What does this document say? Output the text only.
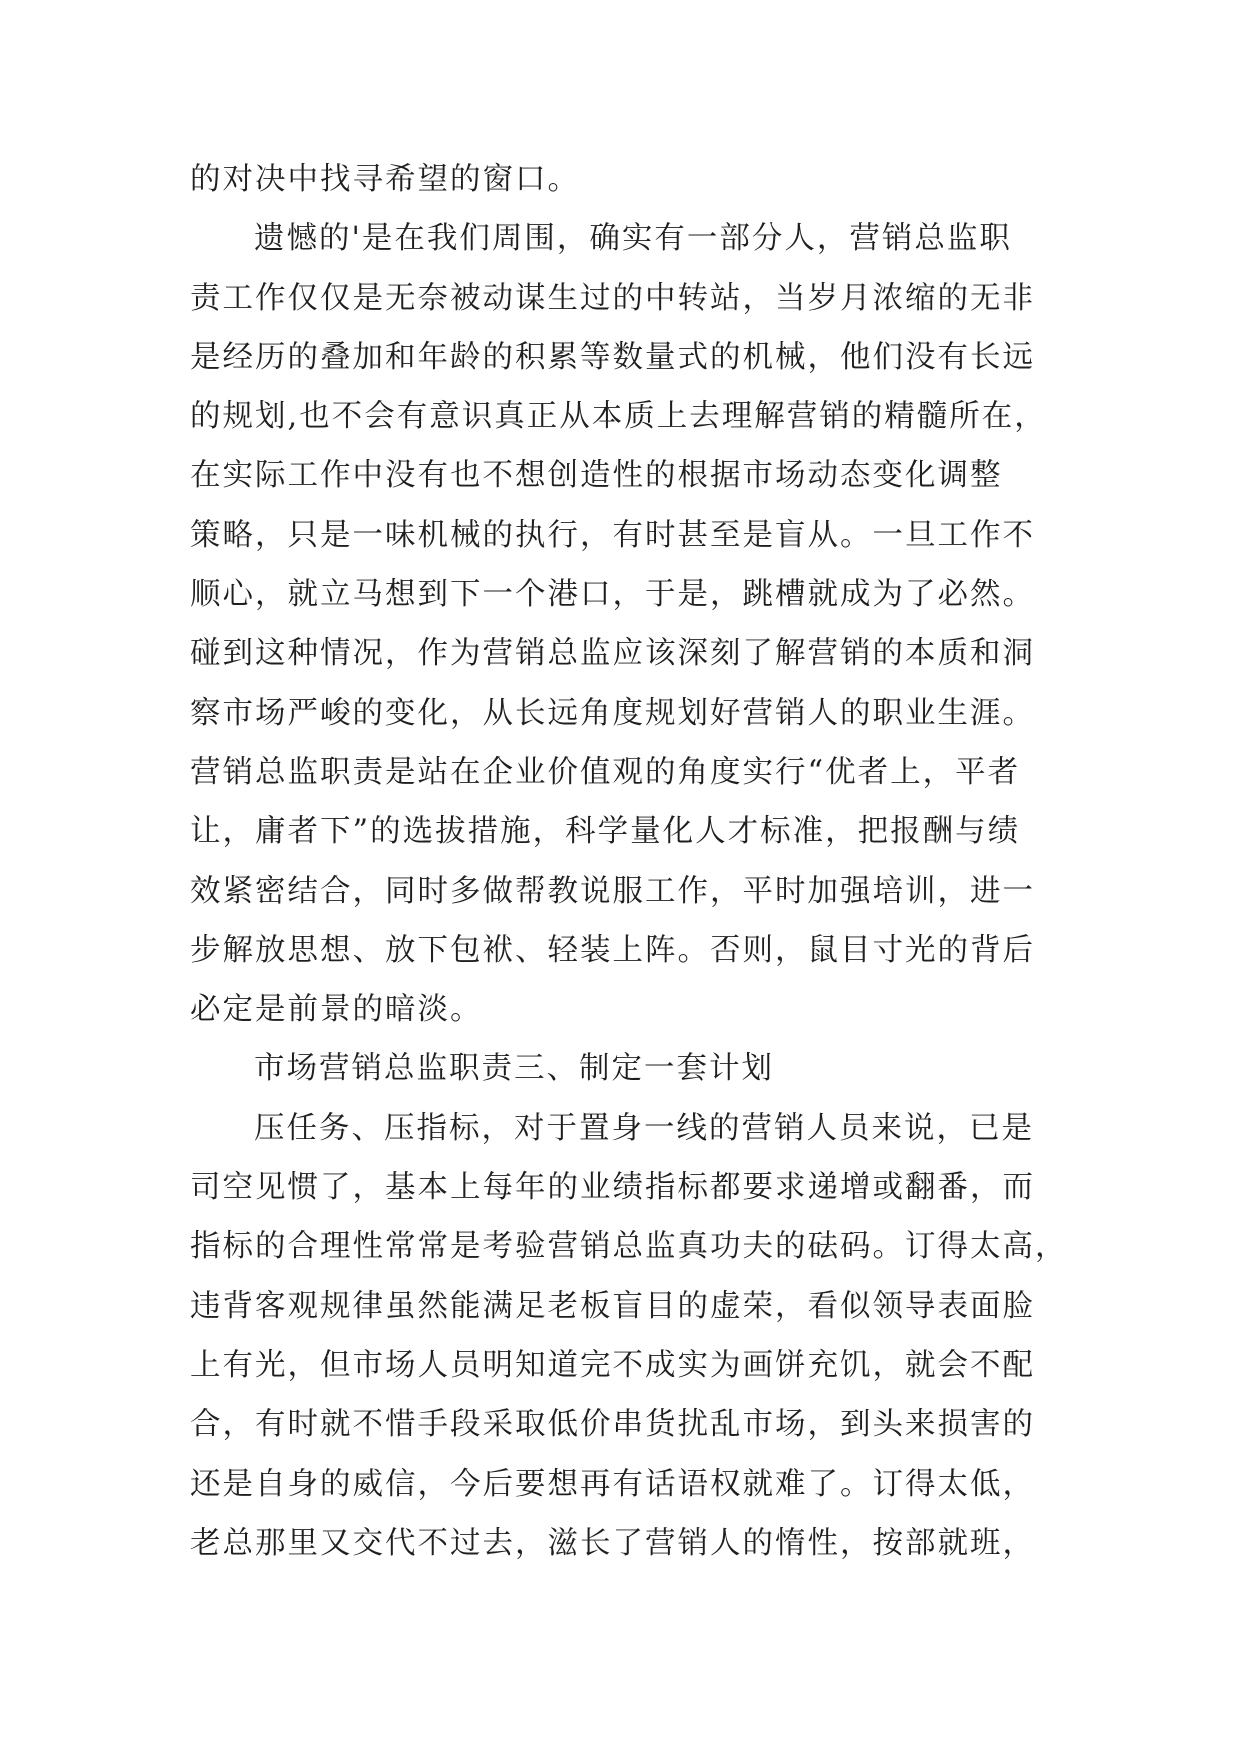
的对决中找寻希望的窗口。
遗憾的'是在我们周围，确实有一部分人，营销总监职
责工作仅仅是无奈被动谋生过的中转站，当岁月浓缩的无非
是经历的叠加和年龄的积累等数量式的机械，他们没有长远
的规划,也不会有意识真正从本质上去理解营销的精髓所在，
在实际工作中没有也不想创造性的根据市场动态变化调整
策略，只是一味机械的执行，有时甚至是盲从。一旦工作不
顺心，就立马想到下一个港口，于是，跳槽就成为了必然。
碰到这种情况，作为营销总监应该深刻了解营销的本质和洞
察市场严峻的变化，从长远角度规划好营销人的职业生涯。
营销总监职责是站在企业价值观的角度实行“优者上，平者
让，庸者下”的选拔措施，科学量化人才标准，把报酬与绩
效紧密结合，同时多做帮教说服工作，平时加强培训，进一
步解放思想、放下包袱、轻装上阵。否则，鼠目寸光的背后
必定是前景的暗淡。
市场营销总监职责三、制定一套计划
压任务、压指标，对于置身一线的营销人员来说，已是
司空见惯了，基本上每年的业绩指标都要求递增或翻番，而
指标的合理性常常是考验营销总监真功夫的砝码。订得太高，
违背客观规律虽然能满足老板盲目的虚荣，看似领导表面脸
上有光，但市场人员明知道完不成实为画饼充饥，就会不配
合，有时就不惜手段采取低价串货扰乱市场，到头来损害的
还是自身的威信，今后要想再有话语权就难了。订得太低，
老总那里又交代不过去，滋长了营销人的惰性，按部就班，
